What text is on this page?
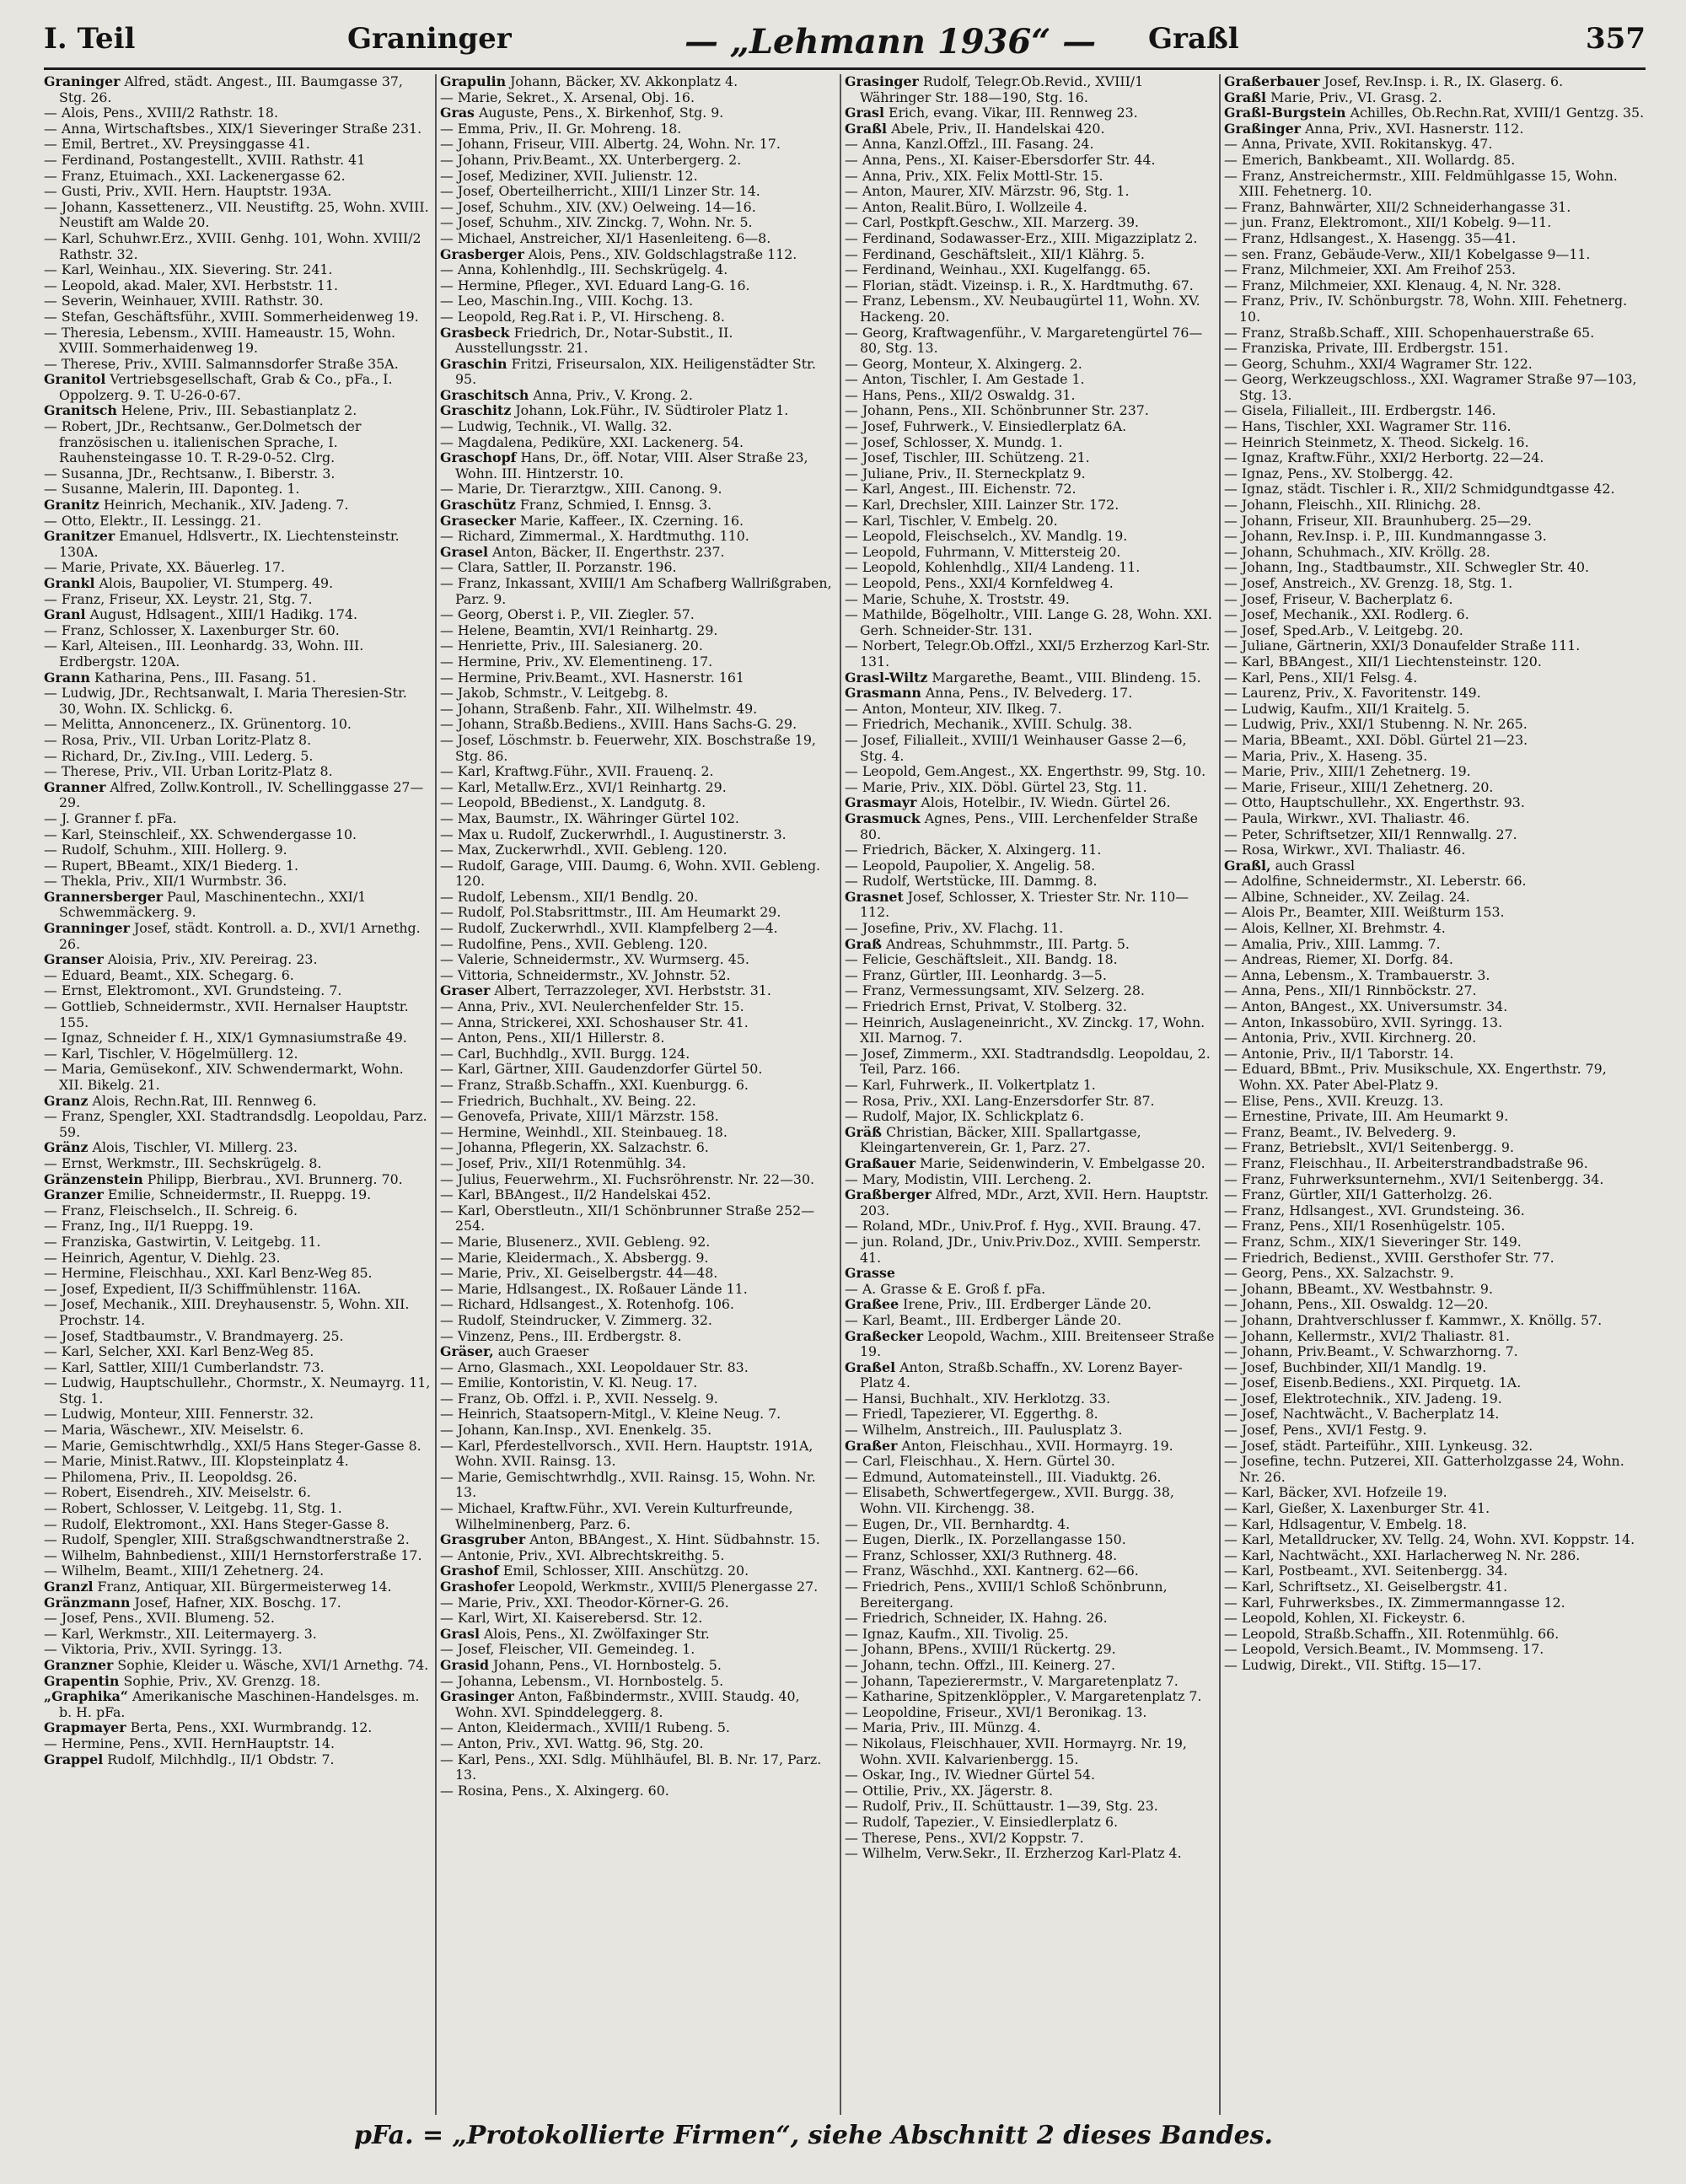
I. Teil	Graninger	— „Lehmann 1936“ — Graßl	357

Graninger Alfred, städt. Angest., III. Baumgasse 37, Stg. 26.

— Alois, Pens., XVIII/2 Rathstr. 18.

— Anna, Wirtschaftsbes., XIX/1 Sieveringer Straße 231.

— Emil, Bertret., XV. Preysinggasse 41.

— Ferdinand, Postangestellt., XVIII. Rathstr. 41

— Franz, Etuimach., XXI. Lackenergasse 62.

— Gusti, Priv., XVII. Hern. Hauptstr. 193A.

— Johann, Kassettenerz., VII. Neustiftg. 25, Wohn. XVIII. Neustift am Walde 20.

— Karl, Schuhwr.Erz., XVIII. Genhg. 101, Wohn. XVIII/2 Rathstr. 32.

— Karl, Weinhau., XIX. Sievering. Str. 241.

— Leopold, akad. Maler, XVI. Herbststr. 11.

— Severin, Weinhauer, XVIII. Rathstr. 30.

— Stefan, Geschäftsführ., XVIII. Sommerheidenweg 19.

— Theresia, Lebensm., XVIII. Hameaustr. 15, Wohn. XVIII. Sommerhaidenweg 19.

— Therese, Priv., XVIII. Salmannsdorfer Straße 35A.

Granitol Vertriebsgesellschaft, Grab & Co., pFa., I. Oppolzerg. 9. T. U-26-0-67.

Granitsch Helene, Priv., III. Sebastianplatz 2.

— Robert, JDr., Rechtsanw., Ger.Dolmetsch der französischen u. italienischen Sprache, I. Rauhensteingasse 10. T. R-29-0-52. Clrg.

— Susanna, JDr., Rechtsanw., I. Biberstr. 3.

— Susanne, Malerin, III. Daponteg. 1.

Granitz Heinrich, Mechanik., XIV. Jadeng. 7.

— Otto, Elektr., II. Lessingg. 21.

Granitzer Emanuel, Hdlsvertr., IX. Liechtensteinstr. 130A.

— Marie, Private, XX. Bäuerleg. 17.

Grankl Alois, Baupolier, VI. Stumperg. 49.

— Franz, Friseur, XX. Leystr. 21, Stg. 7.

Granl August, Hdlsagent., XIII/1 Hadikg. 174.

— Franz, Schlosser, X. Laxenburger Str. 60.

— Karl, Alteisen., III. Leonhardg. 33, Wohn. III. Erdbergstr. 120A.

Grann Katharina, Pens., III. Fasang. 51.

— Ludwig, JDr., Rechtsanwalt, I. Maria Theresien-Str. 30, Wohn. IX. Schlickg. 6.

— Melitta, Annoncenerz., IX. Grünentorg. 10.

— Rosa, Priv., VII. Urban Loritz-Platz 8.

— Richard, Dr., Ziv.Ing., VIII. Lederg. 5.

— Therese, Priv., VII. Urban Loritz-Platz 8.

Granner Alfred, Zollw.Kontroll., IV. Schellinggasse 27—29.

— J. Granner f. pFa.

— Karl, Steinschleif., XX. Schwendergasse 10.

— Rudolf, Schuhm., XIII. Hollerg. 9.

— Rupert, BBeamt., XIX/1 Biederg. 1.

— Thekla, Priv., XII/1 Wurmbstr. 36.

Grannersberger Paul, Maschinentechn., XXI/1 Schwemmäckerg. 9.

Granninger Josef, städt. Kontroll. a. D., XVI/1 Arnethg. 26.

Granser Aloisia, Priv., XIV. Pereirag. 23.

— Eduard, Beamt., XIX. Schegarg. 6.

— Ernst, Elektromont., XVI. Grundsteing. 7.

— Gottlieb, Schneidermstr., XVII. Hernalser Hauptstr. 155.

— Ignaz, Schneider f. H., XIX/1 Gymnasiumstraße 49.

— Karl, Tischler, V. Högelmüllerg. 12.

— Maria, Gemüsekonf., XIV. Schwendermarkt, Wohn. XII. Bikelg. 21.

Granz Alois, Rechn.Rat, III. Rennweg 6.

— Franz, Spengler, XXI. Stadtrandsdlg. Leopoldau, Parz. 59.

Gränz Alois, Tischler, VI. Millerg. 23.

— Ernst, Werkmstr., III. Sechskrügelg. 8.

Gränzenstein Philipp, Bierbrau., XVI. Brunnerg. 70.

Granzer Emilie, Schneidermstr., II. Rueppg. 19.

— Franz, Fleischselch., II. Schreig. 6.

— Franz, Ing., II/1 Rueppg. 19.

— Franziska, Gastwirtin, V. Leitgebg. 11.

— Heinrich, Agentur, V. Diehlg. 23.

— Hermine, Fleischhau., XXI. Karl Benz-Weg 85.

— Josef, Expedient, II/3 Schiffmühlenstr. 116A.

— Josef, Mechanik., XIII. Dreyhausenstr. 5, Wohn. XII. Prochstr. 14.

— Josef, Stadtbaumstr., V. Brandmayerg. 25.

— Karl, Selcher, XXI. Karl Benz-Weg 85.

— Karl, Sattler, XIII/1 Cumberlandstr. 73.

— Ludwig, Hauptschullehr., Chormstr., X. Neumayrg. 11, Stg. 1.

— Ludwig, Monteur, XIII. Fennerstr. 32.

— Maria, Wäschewr., XIV. Meiselstr. 6.

— Marie, Gemischtwrhdlg., XXI/5 Hans Steger-Gasse 8.

— Marie, Minist.Ratwv., III. Klopsteinplatz 4.

— Philomena, Priv., II. Leopoldsg. 26.

— Robert, Eisendreh., XIV. Meiselstr. 6.

— Robert, Schlosser, V. Leitgebg. 11, Stg. 1.

— Rudolf, Elektromont., XXI. Hans Steger-Gasse 8.

— Rudolf, Spengler, XIII. Straßgschwandtnerstraße 2.

— Wilhelm, Bahnbedienst., XIII/1 Hernstorferstraße 17.

— Wilhelm, Beamt., XIII/1 Zehetnerg. 24.

Granzl Franz, Antiquar, XII. Bürgermeisterweg 14.

Gränzmann Josef, Hafner, XIX. Boschg. 17.

— Josef, Pens., XVII. Blumeng. 52.

— Karl, Werkmstr., XII. Leitermayerg. 3.

— Viktoria, Priv., XVII. Syringg. 13.

Granzner Sophie, Kleider u. Wäsche, XVI/1 Arnethg. 74.

Grapentin Sophie, Priv., XV. Grenzg. 18.

„Graphika“ Amerikanische Maschinen-Handelsges. m. b. H. pFa.

Grapmayer Berta, Pens., XXI. Wurmbrandg. 12.

— Hermine, Pens., XVII. HernHauptstr. 14.

Grappel Rudolf, Milchhdlg., II/1 Obdstr. 7.

Grapulin Johann, Bäcker, XV. Akkonplatz 4.

— Marie, Sekret., X. Arsenal, Obj. 16.

Gras Auguste, Pens., X. Birkenhof, Stg. 9.

— Emma, Priv., II. Gr. Mohreng. 18.

— Johann, Friseur, VIII. Albertg. 24, Wohn. Nr. 17.

— Johann, Priv.Beamt., XX. Unterbergerg. 2.

— Josef, Mediziner, XVII. Julienstr. 12.

— Josef, Oberteilherricht., XIII/1 Linzer Str. 14.

— Josef, Schuhm., XIV. (XV.) Oelweing. 14—16.

— Josef, Schuhm., XIV. Zinckg. 7, Wohn. Nr. 5.

— Michael, Anstreicher, XI/1 Hasenleiteng. 6—8.

Grasberger Alois, Pens., XIV. Goldschlagstraße 112.

— Anna, Kohlenhdlg., III. Sechskrügelg. 4.

— Hermine, Pfleger., XVI. Eduard Lang-G. 16.

— Leo, Maschin.Ing., VIII. Kochg. 13.

— Leopold, Reg.Rat i. P., VI. Hirscheng. 8.

Grasbeck Friedrich, Dr., Notar-Substit., II. Ausstellungsstr. 21.

Graschin Fritzi, Friseursalon, XIX. Heiligenstädter Str. 95.

Graschitsch Anna, Priv., V. Krong. 2.

Graschitz Johann, Lok.Führ., IV. Südtiroler Platz 1.

— Ludwig, Technik., VI. Wallg. 32.

— Magdalena, Pediküre, XXI. Lackenerg. 54.

Graschopf Hans, Dr., öff. Notar, VIII. Alser Straße 23, Wohn. III. Hintzerstr. 10.

— Marie, Dr. Tierarztgw., XIII. Canong. 9.

Graschütz Franz, Schmied, I. Ennsg. 3.

Grasecker Marie, Kaffeer., IX. Czerning. 16.

— Richard, Zimmermal., X. Hardtmuthg. 110.

Grasel Anton, Bäcker, II. Engerthstr. 237.

— Clara, Sattler, II. Porzanstr. 196.

— Franz, Inkassant, XVIII/1 Am Schafberg Wallrißgraben, Parz. 9.

— Georg, Oberst i. P., VII. Ziegler. 57.

— Helene, Beamtin, XVI/1 Reinhartg. 29.

— Henriette, Priv., III. Salesianerg. 20.

— Hermine, Priv., XV. Elementineng. 17.

— Hermine, Priv.Beamt., XVI. Hasnerstr. 161

— Jakob, Schmstr., V. Leitgebg. 8.

— Johann, Straßenb. Fahr., XII. Wilhelmstr. 49.

— Johann, Straßb.Bediens., XVIII. Hans Sachs-G. 29.

— Josef, Löschmstr. b. Feuerwehr, XIX. Boschstraße 19, Stg. 86.

— Karl, Kraftwg.Führ., XVII. Frauenq. 2.

— Karl, Metallw.Erz., XVI/1 Reinhartg. 29.

— Leopold, BBedienst., X. Landgutg. 8.

— Max, Baumstr., IX. Währinger Gürtel 102.

— Max u. Rudolf, Zuckerwrhdl., I. Augustinerstr. 3.

— Max, Zuckerwrhdl., XVII. Gebleng. 120.

— Rudolf, Garage, VIII. Daumg. 6, Wohn. XVII. Gebleng. 120.

— Rudolf, Lebensm., XII/1 Bendlg. 20.

— Rudolf, Pol.Stabsrittmstr., III. Am Heumarkt 29.

— Rudolf, Zuckerwrhdl., XVII. Klampfelberg 2—4.

— Rudolfine, Pens., XVII. Gebleng. 120.

— Valerie, Schneidermstr., XV. Wurmserg. 45.

— Vittoria, Schneidermstr., XV. Johnstr. 52.

Graser Albert, Terrazzoleger, XVI. Herbststr. 31.

— Anna, Priv., XVI. Neulerchenfelder Str. 15.

— Anna, Strickerei, XXI. Schoshauser Str. 41.

— Anton, Pens., XII/1 Hillerstr. 8.

— Carl, Buchhdlg., XVII. Burgg. 124.

— Karl, Gärtner, XIII. Gaudenzdorfer Gürtel 50.

— Franz, Straßb.Schaffn., XXI. Kuenburgg. 6.

— Friedrich, Buchhalt., XV. Being. 22.

— Genovefa, Private, XIII/1 Märzstr. 158.

— Hermine, Weinhdl., XII. Steinbaueg. 18.

— Johanna, Pflegerin, XX. Salzachstr. 6.

— Josef, Priv., XII/1 Rotenmühlg. 34.

— Julius, Feuerwehrm., XI. Fuchsröhrenstr. Nr. 22—30.

— Karl, BBAngest., II/2 Handelskai 452.

— Karl, Oberstleutn., XII/1 Schönbrunner Straße 252—254.

— Marie, Blusenerz., XVII. Gebleng. 92.

— Marie, Kleidermach., X. Absbergg. 9.

— Marie, Priv., XI. Geiselbergstr. 44—48.

— Marie, Hdlsangest., IX. Roßauer Lände 11.

— Richard, Hdlsangest., X. Rotenhofg. 106.

— Rudolf, Steindrucker, V. Zimmerg. 32.

— Vinzenz, Pens., III. Erdbergstr. 8.

Gräser, auch Graeser

— Arno, Glasmach., XXI. Leopoldauer Str. 83.

— Emilie, Kontoristin, V. Kl. Neug. 17.

— Franz, Ob. Offzl. i. P., XVII. Nesselg. 9.

— Heinrich, Staatsopern-Mitgl., V. Kleine Neug. 7.

— Johann, Kan.Insp., XVI. Enenkelg. 35.

— Karl, Pferdestellvorsch., XVII. Hern. Hauptstr. 191A, Wohn. XVII. Rainsg. 13.

— Marie, Gemischtwrhdlg., XVII. Rainsg. 15, Wohn. Nr. 13.

— Michael, Kraftw.Führ., XVI. Verein Kulturfreunde, Wilhelminenberg, Parz. 6.

Grasgruber Anton, BBAngest., X. Hint. Südbahnstr. 15.

— Antonie, Priv., XVI. Albrechtskreithg. 5.

Grashof Emil, Schlosser, XIII. Anschützg. 20.

Grashofer Leopold, Werkmstr., XVIII/5 Plenergasse 27.

— Marie, Priv., XXI. Theodor-Körner-G. 26.

— Karl, Wirt, XI. Kaiserebersd. Str. 12.

Grasl Alois, Pens., XI. Zwölfaxinger Str.

— Josef, Fleischer, VII. Gemeindeg. 1.

Grasid Johann, Pens., VI. Hornbostelg. 5.

— Johanna, Lebensm., VI. Hornbostelg. 5.

Grasinger Anton, Faßbindermstr., XVIII. Staudg. 40, Wohn. XVI. Spinddeleggerg. 8.

— Anton, Kleidermach., XVIII/1 Rubeng. 5.

— Anton, Priv., XVI. Wattg. 96, Stg. 20.

— Karl, Pens., XXI. Sdlg. Mühlhäufel, Bl. B. Nr. 17, Parz. 13.

— Rosina, Pens., X. Alxingerg. 60.

Grasinger Rudolf, Telegr.Ob.Revid., XVIII/1 Währinger Str. 188—190, Stg. 16.

Grasl Erich, evang. Vikar, III. Rennweg 23.

Graßl Abele, Priv., II. Handelskai 420.

— Anna, Kanzl.Offzl., III. Fasang. 24.

— Anna, Pens., XI. Kaiser-Ebersdorfer Str. 44.

— Anna, Priv., XIX. Felix Mottl-Str. 15.

— Anton, Maurer, XIV. Märzstr. 96, Stg. 1.

— Anton, Realit.Büro, I. Wollzeile 4.

— Carl, Postkpft.Geschw., XII. Marzerg. 39.

— Ferdinand, Sodawasser-Erz., XIII. Migazziplatz 2.

— Ferdinand, Geschäftsleit., XII/1 Klährg. 5.

— Ferdinand, Weinhau., XXI. Kugelfangg. 65.

— Florian, städt. Vizeinsp. i. R., X. Hardtmuthg. 67.

— Franz, Lebensm., XV. Neubaugürtel 11, Wohn. XV. Hackeng. 20.

— Georg, Kraftwagenführ., V. Margaretengürtel 76—80, Stg. 13.

— Georg, Monteur, X. Alxingerg. 2.

— Anton, Tischler, I. Am Gestade 1.

— Hans, Pens., XII/2 Oswaldg. 31.

— Johann, Pens., XII. Schönbrunner Str. 237.

— Josef, Fuhrwerk., V. Einsiedlerplatz 6A.

— Josef, Schlosser, X. Mundg. 1.

— Josef, Tischler, III. Schützeng. 21.

— Juliane, Priv., II. Sterneckplatz 9.

— Karl, Angest., III. Eichenstr. 72.

— Karl, Drechsler, XIII. Lainzer Str. 172.

— Karl, Tischler, V. Embelg. 20.

— Leopold, Fleischselch., XV. Mandlg. 19.

— Leopold, Fuhrmann, V. Mittersteig 20.

— Leopold, Kohlenhdlg., XII/4 Landeng. 11.

— Leopold, Pens., XXI/4 Kornfeldweg 4.

— Marie, Schuhe, X. Troststr. 49.

— Mathilde, Bögelholtr., VIII. Lange G. 28, Wohn. XXI. Gerh. Schneider-Str. 131.

— Norbert, Telegr.Ob.Offzl., XXI/5 Erzherzog Karl-Str. 131.

Grasl-Wiltz Margarethe, Beamt., VIII. Blindeng. 15.

Grasmann Anna, Pens., IV. Belvederg. 17.

— Anton, Monteur, XIV. Ilkeg. 7.

— Friedrich, Mechanik., XVIII. Schulg. 38.

— Josef, Filialleit., XVIII/1 Weinhauser Gasse 2—6, Stg. 4.

— Leopold, Gem.Angest., XX. Engerthstr. 99, Stg. 10.

— Marie, Priv., XIX. Döbl. Gürtel 23, Stg. 11.

Grasmayr Alois, Hotelbir., IV. Wiedn. Gürtel 26.

Grasmuck Agnes, Pens., VIII. Lerchenfelder Straße 80.

— Friedrich, Bäcker, X. Alxingerg. 11.

— Leopold, Paupolier, X. Angelig. 58.

— Rudolf, Wertstücke, III. Dammg. 8.

Grasnet Josef, Schlosser, X. Triester Str. Nr. 110—112.

— Josefine, Priv., XV. Flachg. 11.

Graß Andreas, Schuhmmstr., III. Partg. 5.

— Felicie, Geschäftsleit., XII. Bandg. 18.

— Franz, Gürtler, III. Leonhardg. 3—5.

— Franz, Vermessungsamt, XIV. Selzerg. 28.

— Friedrich Ernst, Privat, V. Stolberg. 32.

— Heinrich, Auslageneinricht., XV. Zinckg. 17, Wohn. XII. Marnog. 7.

— Josef, Zimmerm., XXI. Stadtrandsdlg. Leopoldau, 2. Teil, Parz. 166.

— Karl, Fuhrwerk., II. Volkertplatz 1.

— Rosa, Priv., XXI. Lang-Enzersdorfer Str. 87.

— Rudolf, Major, IX. Schlickplatz 6.

Gräß Christian, Bäcker, XIII. Spallartgasse, Kleingartenverein, Gr. 1, Parz. 27.

Graßauer Marie, Seidenwinderin, V. Embelgasse 20.

— Mary, Modistin, VIII. Lercheng. 2.

Graßberger Alfred, MDr., Arzt, XVII. Hern. Hauptstr. 203.

— Roland, MDr., Univ.Prof. f. Hyg., XVII. Braung. 47.

— jun. Roland, JDr., Univ.Priv.Doz., XVIII. Semperstr. 41.

Grasse

— A. Grasse & E. Groß f. pFa.

Graßee Irene, Priv., III. Erdberger Lände 20.

— Karl, Beamt., III. Erdberger Lände 20.

Graßecker Leopold, Wachm., XIII. Breitenseer Straße 19.

Graßel Anton, Straßb.Schaffn., XV. Lorenz Bayer-Platz 4.

— Hansi, Buchhalt., XIV. Herklotzg. 33.

— Friedl, Tapezierer, VI. Eggerthg. 8.

— Wilhelm, Anstreich., III. Paulusplatz 3.

Graßer Anton, Fleischhau., XVII. Hormayrg. 19.

— Carl, Fleischhau., X. Hern. Gürtel 30.

— Edmund, Automateinstell., III. Viaduktg. 26.

— Elisabeth, Schwertfegergew., XVII. Burgg. 38, Wohn. VII. Kirchengg. 38.

— Eugen, Dr., VII. Bernhardtg. 4.

— Eugen, Dierlk., IX. Porzellangasse 150.

— Franz, Schlosser, XXI/3 Ruthnerg. 48.

— Franz, Wäschhd., XXI. Kantnerg. 62—66.

— Friedrich, Pens., XVIII/1 Schloß Schönbrunn, Bereitergang.

— Friedrich, Schneider, IX. Hahng. 26.

— Ignaz, Kaufm., XII. Tivolig. 25.

— Johann, BPens., XVIII/1 Rückertg. 29.

— Johann, techn. Offzl., III. Keinerg. 27.

— Johann, Tapezierermstr., V. Margaretenplatz 7.

— Katharine, Spitzenklöppler., V. Margaretenplatz 7.

— Leopoldine, Friseur., XVI/1 Beronikag. 13.

— Maria, Priv., III. Münzg. 4.

— Nikolaus, Fleischhauer, XVII. Hormayrg. Nr. 19, Wohn. XVII. Kalvarienbergg. 15.

— Oskar, Ing., IV. Wiedner Gürtel 54.

— Ottilie, Priv., XX. Jägerstr. 8.

— Rudolf, Priv., II. Schüttaustr. 1—39, Stg. 23.

— Rudolf, Tapezier., V. Einsiedlerplatz 6.

— Therese, Pens., XVI/2 Koppstr. 7.

— Wilhelm, Verw.Sekr., II. Erzherzog Karl-Platz 4.

Graßerbauer Josef, Rev.Insp. i. R., IX. Glaserg. 6.

Graßl Marie, Priv., VI. Grasg. 2.

Graßl-Burgstein Achilles, Ob.Rechn.Rat, XVIII/1 Gentzg. 35.

Graßinger Anna, Priv., XVI. Hasnerstr. 112.

— Anna, Private, XVII. Rokitanskyg. 47.

— Emerich, Bankbeamt., XII. Wollardg. 85.

— Franz, Anstreichermstr., XIII. Feldmühlgasse 15, Wohn. XIII. Fehetnerg. 10.

— Franz, Bahnwärter, XII/2 Schneiderhangasse 31.

— jun. Franz, Elektromont., XII/1 Kobelg. 9—11.

— Franz, Hdlsangest., X. Hasengg. 35—41.

— sen. Franz, Gebäude-Verw., XII/1 Kobelgasse 9—11.

— Franz, Milchmeier, XXI. Am Freihof 253.

— Franz, Milchmeier, XXI. Klenaug. 4, N. Nr. 328.

— Franz, Priv., IV. Schönburgstr. 78, Wohn. XIII. Fehetnerg. 10.

— Franz, Straßb.Schaff., XIII. Schopenhauerstraße 65.

— Franziska, Private, III. Erdbergstr. 151.

— Georg, Schuhm., XXI/4 Wagramer Str. 122.

— Georg, Werkzeugschloss., XXI. Wagramer Straße 97—103, Stg. 13.

— Gisela, Filialleit., III. Erdbergstr. 146.

— Hans, Tischler, XXI. Wagramer Str. 116.

— Heinrich Steinmetz, X. Theod. Sickelg. 16.

— Ignaz, Kraftw.Führ., XXI/2 Herbortg. 22—24.

— Ignaz, Pens., XV. Stolbergg. 42.

— Ignaz, städt. Tischler i. R., XII/2 Schmidgundtgasse 42.

— Johann, Fleischh., XII. Rlinichg. 28.

— Johann, Friseur, XII. Braunhuberg. 25—29.

— Johann, Rev.Insp. i. P., III. Kundmanngasse 3.

— Johann, Schuhmach., XIV. Kröllg. 28.

— Johann, Ing., Stadtbaumstr., XII. Schwegler Str. 40.

— Josef, Anstreich., XV. Grenzg. 18, Stg. 1.

— Josef, Friseur, V. Bacherplatz 6.

— Josef, Mechanik., XXI. Rodlerg. 6.

— Josef, Sped.Arb., V. Leitgebg. 20.

— Juliane, Gärtnerin, XXI/3 Donaufelder Straße 111.

— Karl, BBAngest., XII/1 Liechtensteinstr. 120.

— Karl, Pens., XII/1 Felsg. 4.

— Laurenz, Priv., X. Favoritenstr. 149.

— Ludwig, Kaufm., XII/1 Kraitelg. 5.

— Ludwig, Priv., XXI/1 Stubenng. N. Nr. 265.

— Maria, BBeamt., XXI. Döbl. Gürtel 21—23.

— Maria, Priv., X. Haseng. 35.

— Marie, Priv., XIII/1 Zehetnerg. 19.

— Marie, Friseur., XIII/1 Zehetnerg. 20.

— Otto, Hauptschullehr., XX. Engerthstr. 93.

— Paula, Wirkwr., XVI. Thaliastr. 46.

— Peter, Schriftsetzer, XII/1 Rennwallg. 27.

— Rosa, Wirkwr., XVI. Thaliastr. 46.

Graßl, auch Grassl

— Adolfine, Schneidermstr., XI. Leberstr. 66.

— Albine, Schneider., XV. Zeilag. 24.

— Alois Pr., Beamter, XIII. Weißturm 153.

— Alois, Kellner, XI. Brehmstr. 4.

— Amalia, Priv., XIII. Lammg. 7.

— Andreas, Riemer, XI. Dorfg. 84.

— Anna, Lebensm., X. Trambauerstr. 3.

— Anna, Pens., XII/1 Rinnböckstr. 27.

— Anton, BAngest., XX. Universumstr. 34.

— Anton, Inkassobüro, XVII. Syringg. 13.

— Antonia, Priv., XVII. Kirchnerg. 20.

— Antonie, Priv., II/1 Taborstr. 14.

— Eduard, BBmt., Priv. Musikschule, XX. Engerthstr. 79, Wohn. XX. Pater Abel-Platz 9.

— Elise, Pens., XVII. Kreuzg. 13.

— Ernestine, Private, III. Am Heumarkt 9.

— Franz, Beamt., IV. Belvederg. 9.

— Franz, Betriebslt., XVI/1 Seitenbergg. 9.

— Franz, Fleischhau., II. Arbeiterstrandbadstraße 96.

— Franz, Fuhrwerksunternehm., XVI/1 Seitenbergg. 34.

— Franz, Gürtler, XII/1 Gatterholzg. 26.

— Franz, Hdlsangest., XVI. Grundsteing. 36.

— Franz, Pens., XII/1 Rosenhügelstr. 105.

— Franz, Schm., XIX/1 Sieveringer Str. 149.

— Friedrich, Bedienst., XVIII. Gersthofer Str. 77.

— Georg, Pens., XX. Salzachstr. 9.

— Johann, BBeamt., XV. Westbahnstr. 9.

— Johann, Pens., XII. Oswaldg. 12—20.

— Johann, Drahtverschlusser f. Kammwr., X. Knöllg. 57.

— Johann, Kellermstr., XVI/2 Thaliastr. 81.

— Johann, Priv.Beamt., V. Schwarzhorng. 7.

— Josef, Buchbinder, XII/1 Mandlg. 19.

— Josef, Eisenb.Bediens., XXI. Pirquetg. 1A.

— Josef, Elektrotechnik., XIV. Jadeng. 19.

— Josef, Nachtwächt., V. Bacherplatz 14.

— Josef, Pens., XVI/1 Festg. 9.

— Josef, städt. Parteiführ., XIII. Lynkeusg. 32.

— Josefine, techn. Putzerei, XII. Gatterholzgasse 24, Wohn. Nr. 26.

— Karl, Bäcker, XVI. Hofzeile 19.

— Karl, Gießer, X. Laxenburger Str. 41.

— Karl, Hdlsagentur, V. Embelg. 18.

— Karl, Metalldrucker, XV. Tellg. 24, Wohn. XVI. Koppstr. 14.

— Karl, Nachtwächt., XXI. Harlacherweg N. Nr. 286.

— Karl, Postbeamt., XVI. Seitenbergg. 34.

— Karl, Schriftsetz., XI. Geiselbergstr. 41.

— Karl, Fuhrwerksbes., IX. Zimmermanngasse 12.

— Leopold, Kohlen, XI. Fickeystr. 6.

— Leopold, Straßb.Schaffn., XII. Rotenmühlg. 66.

— Leopold, Versich.Beamt., IV. Mommseng. 17.

— Ludwig, Direkt., VII. Stiftg. 15—17.

pFa. = „Protokollierte Firmen“, siehe Abschnitt 2 dieses Bandes.
